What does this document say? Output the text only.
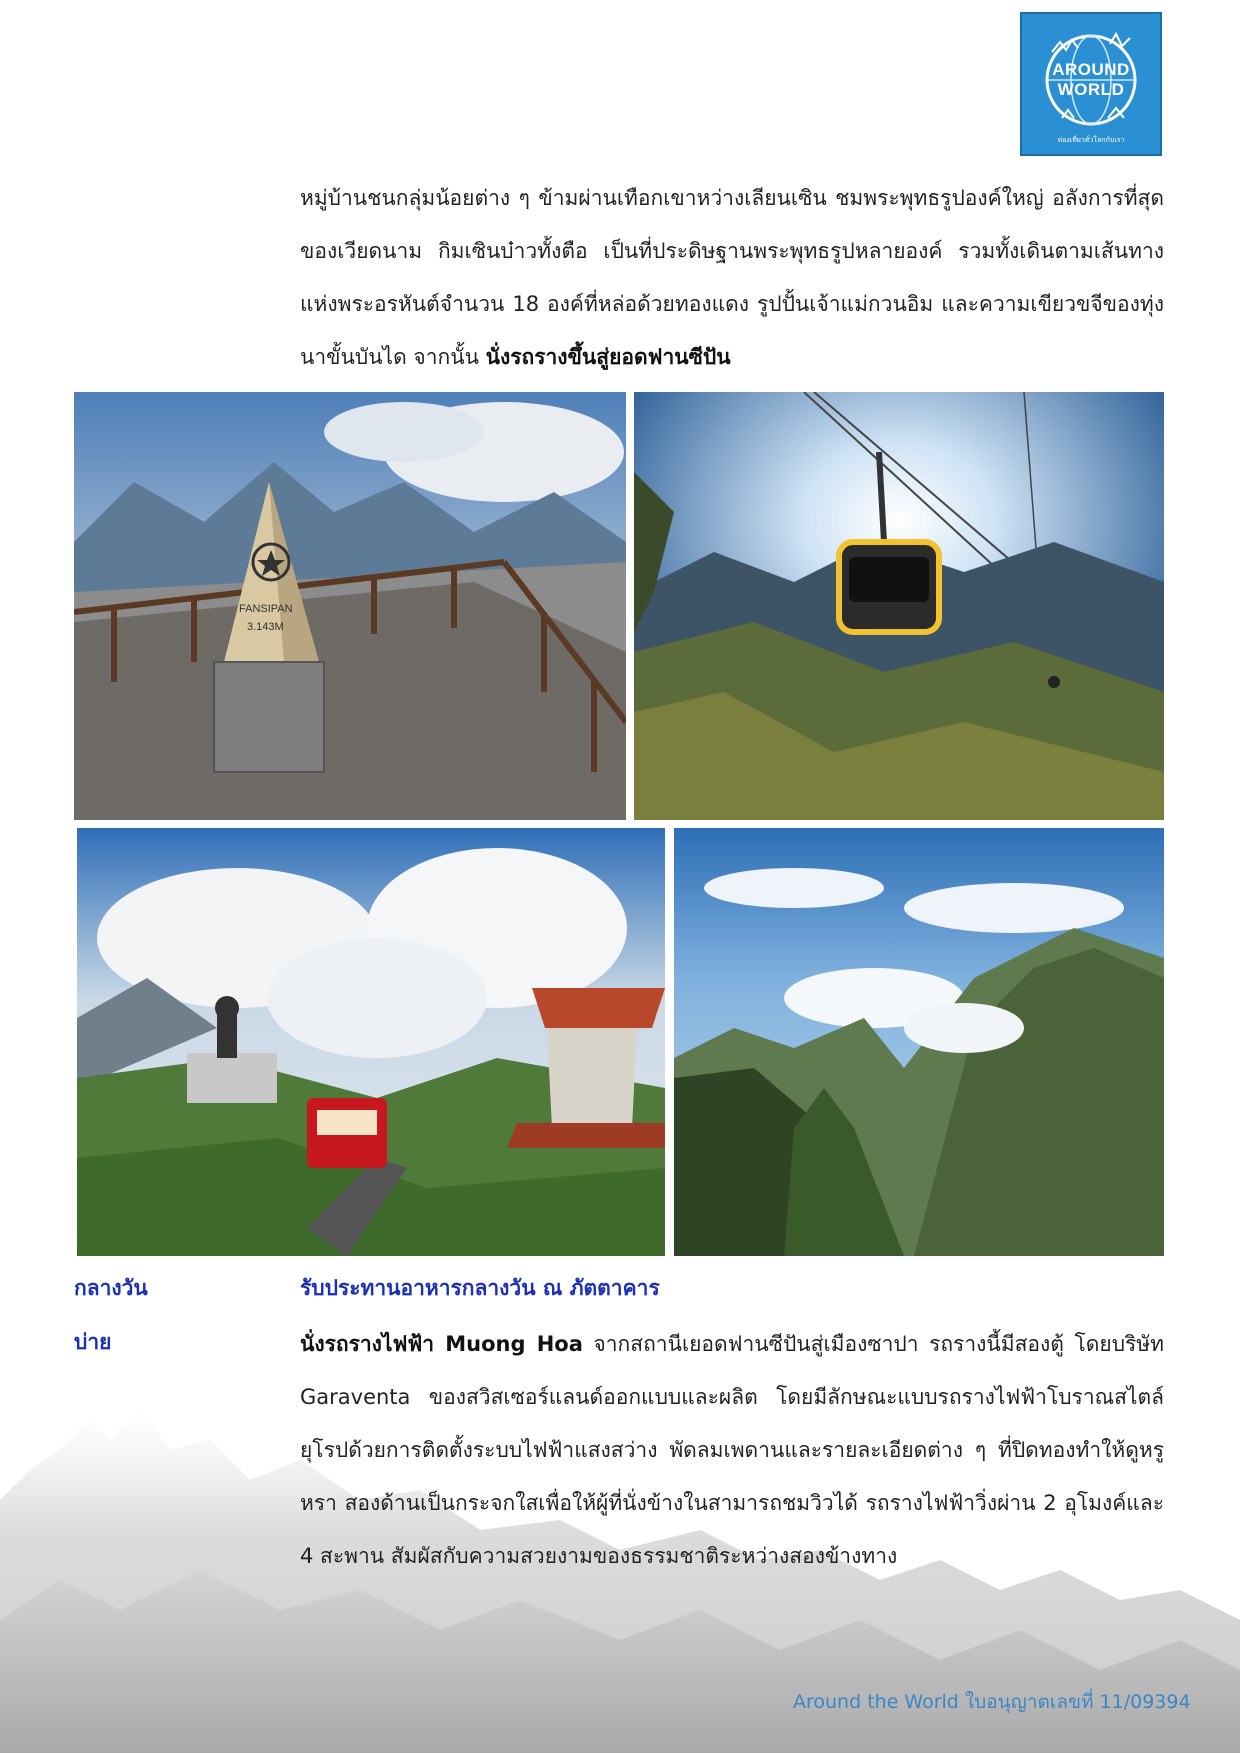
AROUND
WORLD
ท่องเที่ยวทั่วโลกกับเรา
หมู่บ้านชนกลุ่มน้อยต่าง ๆ ข้ามผ่านเทือกเขาหว่างเลียนเซิน ชมพระพุทธรูปองค์ใหญ่ อลังการที่สุดของเวียดนาม กิมเซินบ๋าวทั้งตือ เป็นที่ประดิษฐานพระพุทธรูปหลายองค์ รวมทั้งเดินตามเส้นทางแห่งพระอรหันต์จำนวน 18 องค์ที่หล่อด้วยทองแดง รูปปั้นเจ้าแม่กวนอิม และความเขียวขจีของทุ่งนาขั้นบันได จากนั้น นั่งรถรางขึ้นสู่ยอดฟานซีปัน
FANSIPAN
3.143M
กลางวัน	รับประทานอาหารกลางวัน ณ ภัตตาคาร
บ่าย	นั่งรถรางไฟฟ้า Muong Hoa จากสถานีเยอดฟานซีปันสู่เมืองซาปา รถรางนี้มีสองตู้ โดยบริษัท Garaventa ของสวิสเซอร์แลนด์ออกแบบและผลิต โดยมีลักษณะแบบรถรางไฟฟ้าโบราณสไตล์ยุโรปด้วยการติดตั้งระบบไฟฟ้าแสงสว่าง พัดลมเพดานและรายละเอียดต่าง ๆ ที่ปิดทองทำให้ดูหรูหรา สองด้านเป็นกระจกใสเพื่อให้ผู้ที่นั่งข้างในสามารถชมวิวได้ รถรางไฟฟ้าวิ่งผ่าน 2 อุโมงค์และ 4 สะพาน สัมผัสกับความสวยงามของธรรมชาติระหว่างสองข้างทาง
Around the World ใบอนุญาตเลขที่ 11/09394
